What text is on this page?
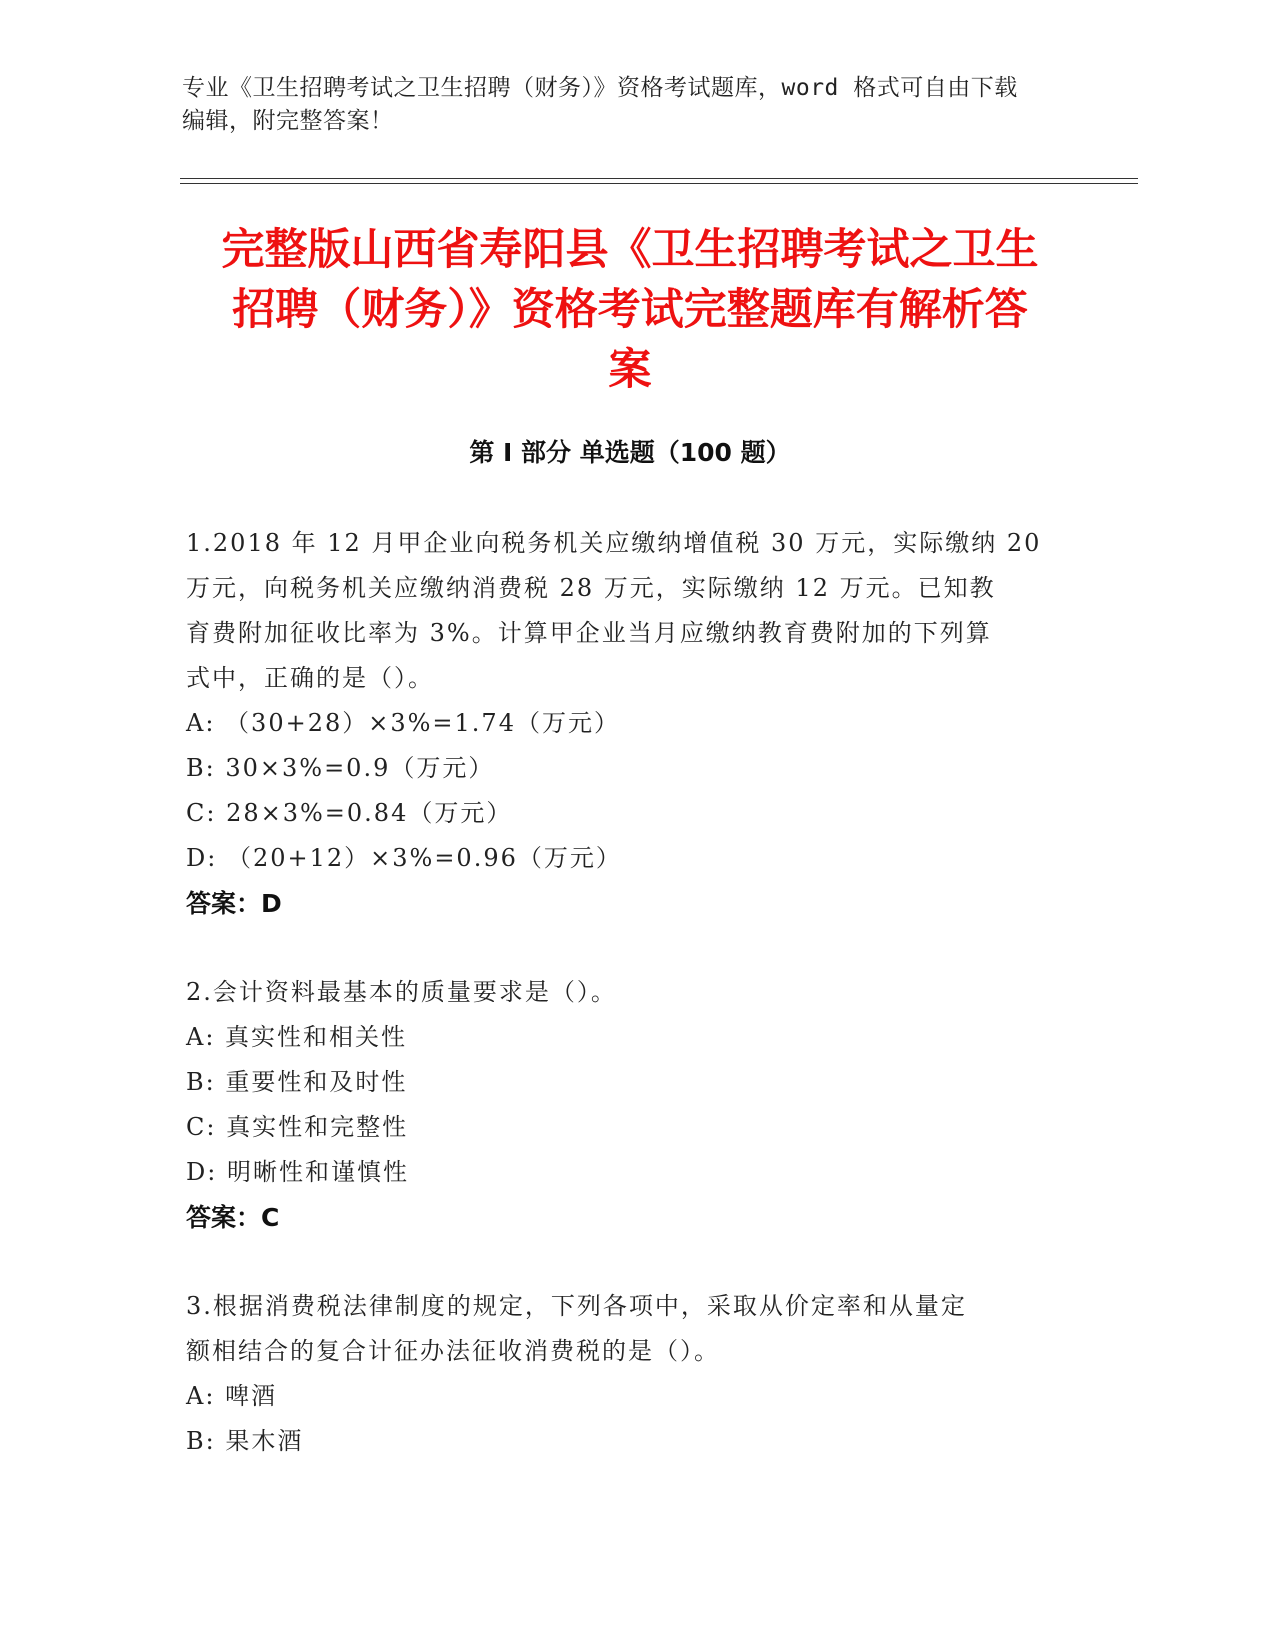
专业《卫生招聘考试之卫生招聘（财务）》资格考试题库，word 格式可自由下载
编辑，附完整答案！
完整版山西省寿阳县《卫生招聘考试之卫生
招聘（财务）》资格考试完整题库有解析答
案
第 I 部分 单选题（100 题）
1.2018 年 12 月甲企业向税务机关应缴纳增值税 30 万元，实际缴纳 20
万元，向税务机关应缴纳消费税 28 万元，实际缴纳 12 万元。已知教
育费附加征收比率为 3%。计算甲企业当月应缴纳教育费附加的下列算
式中，正确的是（）。
A: （30+28）×3%=1.74（万元）
B: 30×3%=0.9（万元）
C: 28×3%=0.84（万元）
D: （20+12）×3%=0.96（万元）
答案：D
2.会计资料最基本的质量要求是（）。
A: 真实性和相关性
B: 重要性和及时性
C: 真实性和完整性
D: 明晰性和谨慎性
答案：C
3.根据消费税法律制度的规定，下列各项中，采取从价定率和从量定
额相结合的复合计征办法征收消费税的是（）。
A: 啤酒
B: 果木酒
